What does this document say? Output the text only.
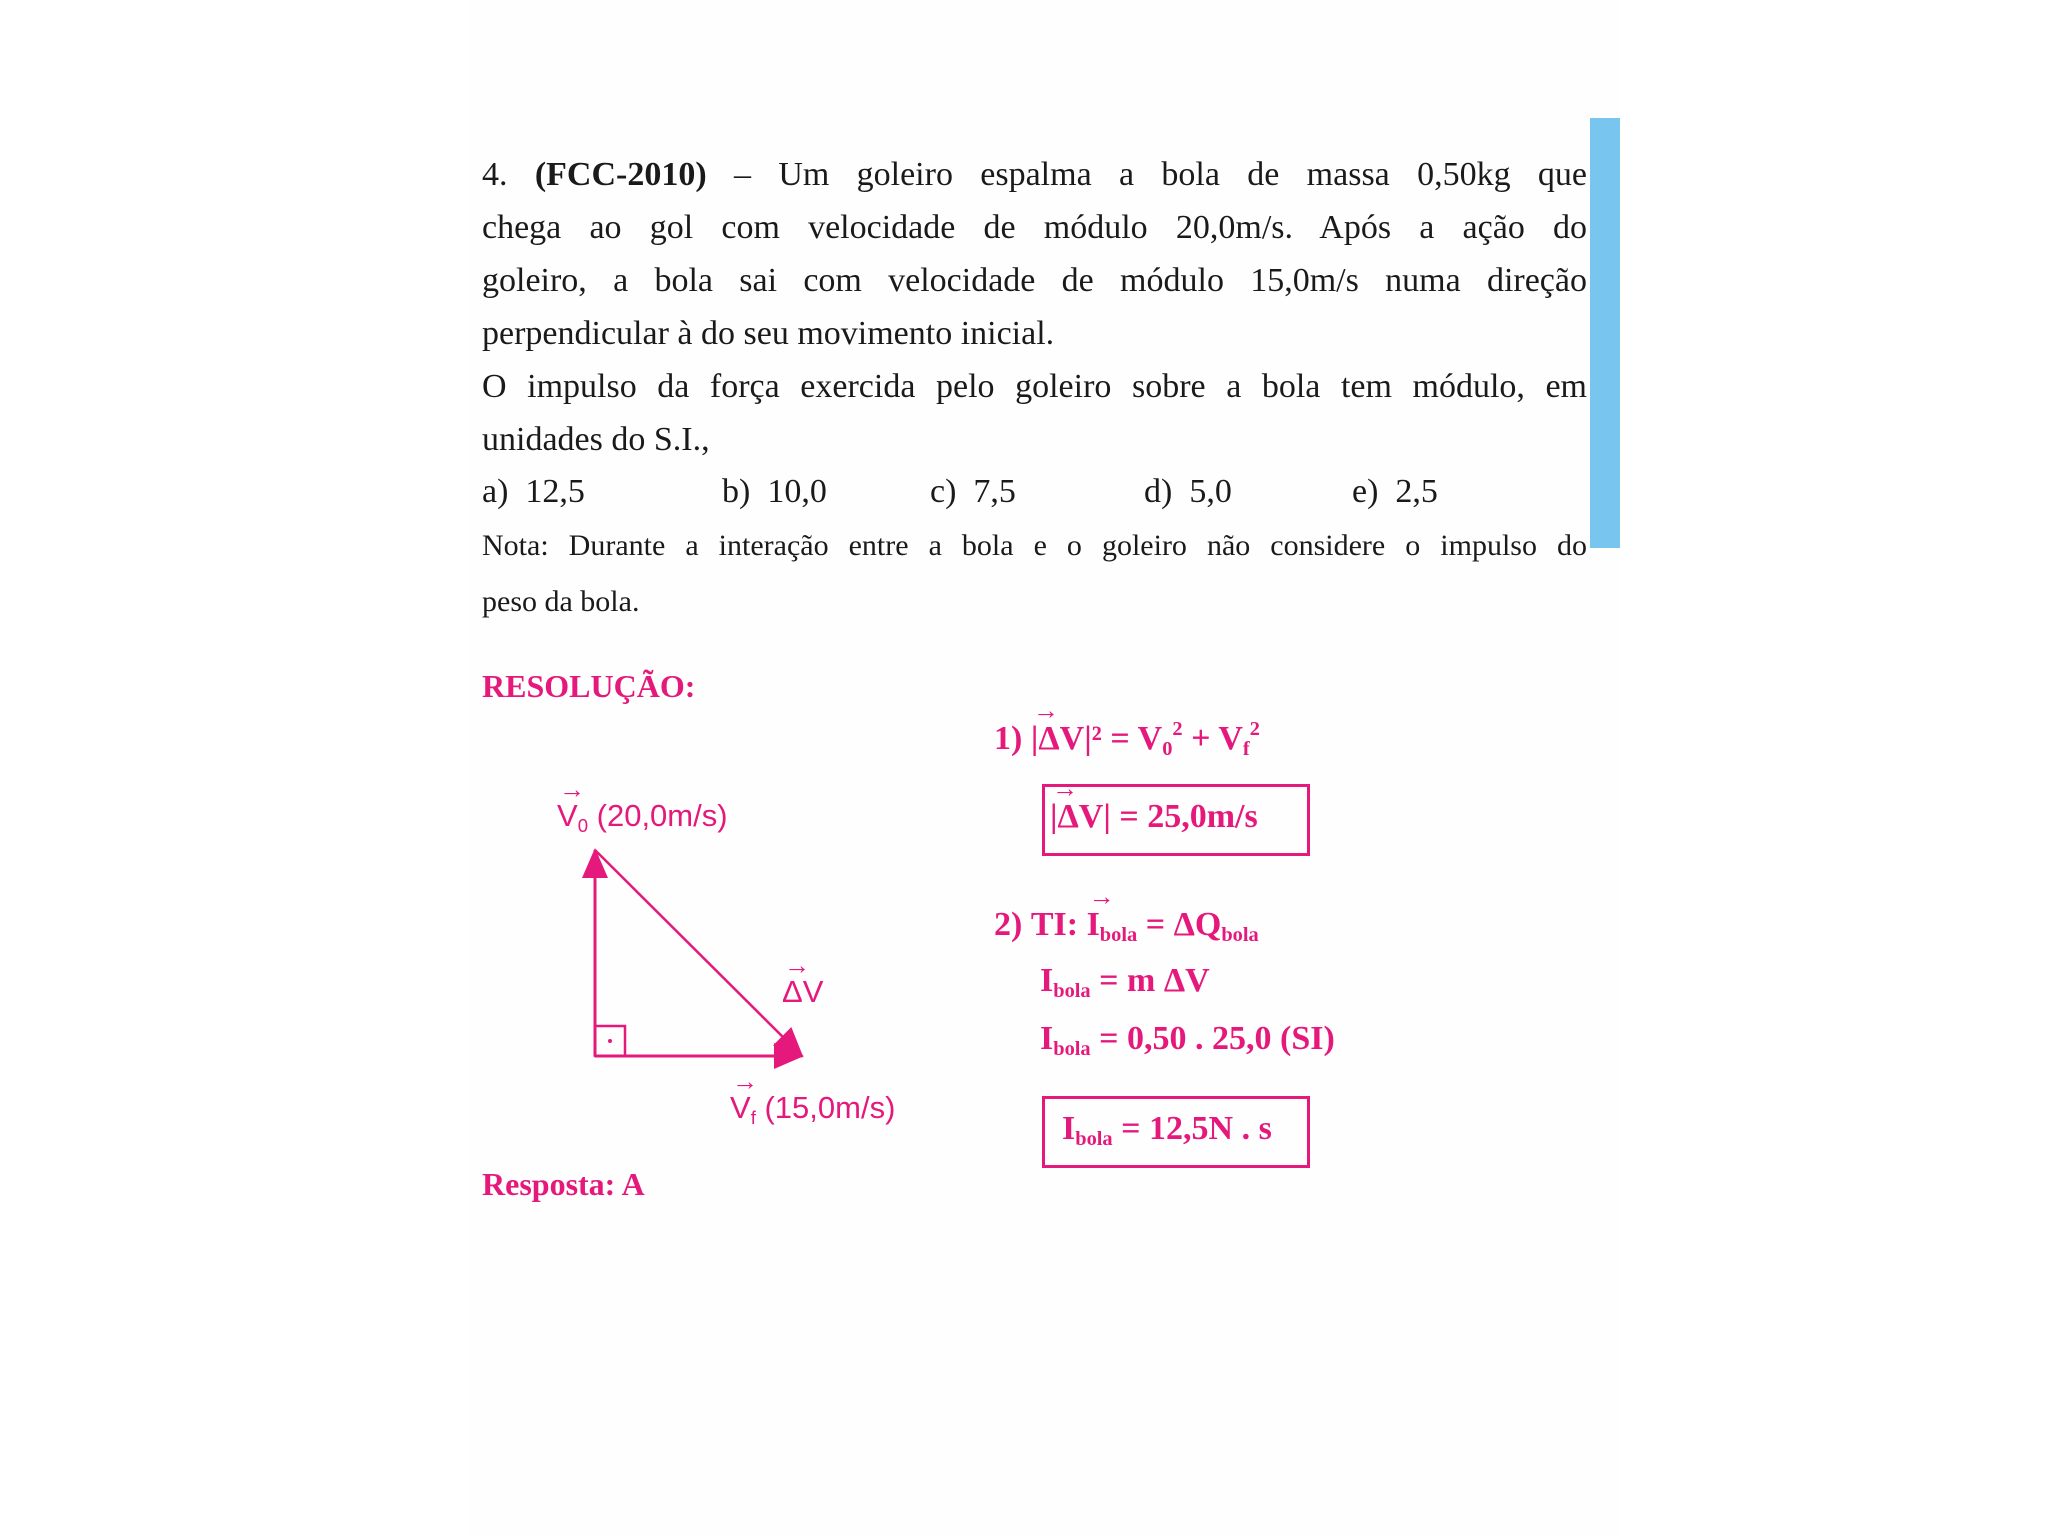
4. (FCC-2010) – Um goleiro espalma a bola de massa 0,50kg que

chega ao gol com velocidade de módulo 20,0m/s. Após a ação do

goleiro, a bola sai com velocidade de módulo 15,0m/s numa direção

perpendicular à do seu movimento inicial.

O impulso da força exercida pelo goleiro sobre a bola tem módulo, em

unidades do S.I.,

a) 12,5	b) 10,0	c) 7,5	d) 5,0	e) 2,5

Nota: Durante a interação entre a bola e o goleiro não considere o impulso do

peso da bola.

RESOLUÇÃO:
→ $V_0$ (20,0m/s)
→ ΔV
→ $V_f$ (15,0m/s)
$1) \to |\Delta V|^2 = V_0^2 + V_f^2$
→ |ΔV| = 25,0m/s
2) TI: → $I_{bola} = \Delta Q_{bola}$
$I_{bola} = m$ ΔV
$I_{bola} = 0,50$ . 25,0 (SI)
$I_{bola} = 12,5N$ . s
Resposta: A
